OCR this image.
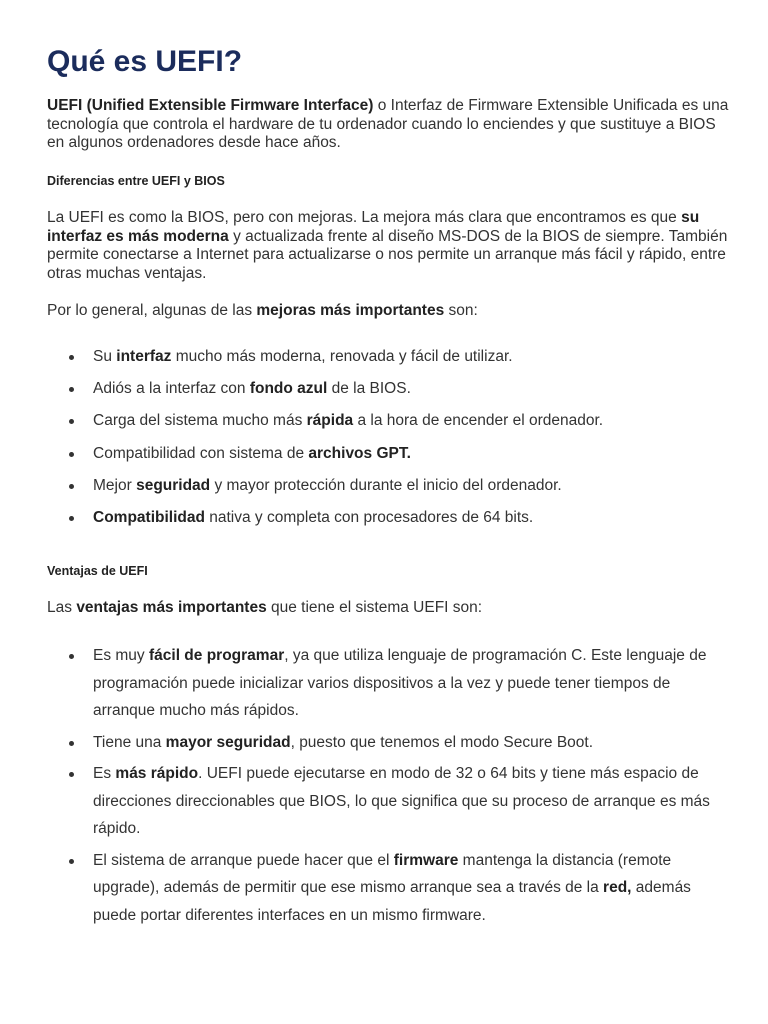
Qué es UEFI?

UEFI (Unified Extensible Firmware Interface) o Interfaz de Firmware Extensible Unificada es una tecnología que controla el hardware de tu ordenador cuando lo enciendes y que sustituye a BIOS en algunos ordenadores desde hace años.

Diferencias entre UEFI y BIOS

La UEFI es como la BIOS, pero con mejoras. La mejora más clara que encontramos es que su interfaz es más moderna y actualizada frente al diseño MS-DOS de la BIOS de siempre. También permite conectarse a Internet para actualizarse o nos permite un arranque más fácil y rápido, entre otras muchas ventajas.

Por lo general, algunas de las mejoras más importantes son:

Su interfaz mucho más moderna, renovada y fácil de utilizar.
Adiós a la interfaz con fondo azul de la BIOS.
Carga del sistema mucho más rápida a la hora de encender el ordenador.
Compatibilidad con sistema de archivos GPT.
Mejor seguridad y mayor protección durante el inicio del ordenador.
Compatibilidad nativa y completa con procesadores de 64 bits.

Ventajas de UEFI

Las ventajas más importantes que tiene el sistema UEFI son:

Es muy fácil de programar, ya que utiliza lenguaje de programación C. Este lenguaje de programación puede inicializar varios dispositivos a la vez y puede tener tiempos de arranque mucho más rápidos.
Tiene una mayor seguridad, puesto que tenemos el modo Secure Boot.
Es más rápido. UEFI puede ejecutarse en modo de 32 o 64 bits y tiene más espacio de direcciones direccionables que BIOS, lo que significa que su proceso de arranque es más rápido.
El sistema de arranque puede hacer que el firmware mantenga la distancia (remote upgrade), además de permitir que ese mismo arranque sea a través de la red, además puede portar diferentes interfaces en un mismo firmware.
